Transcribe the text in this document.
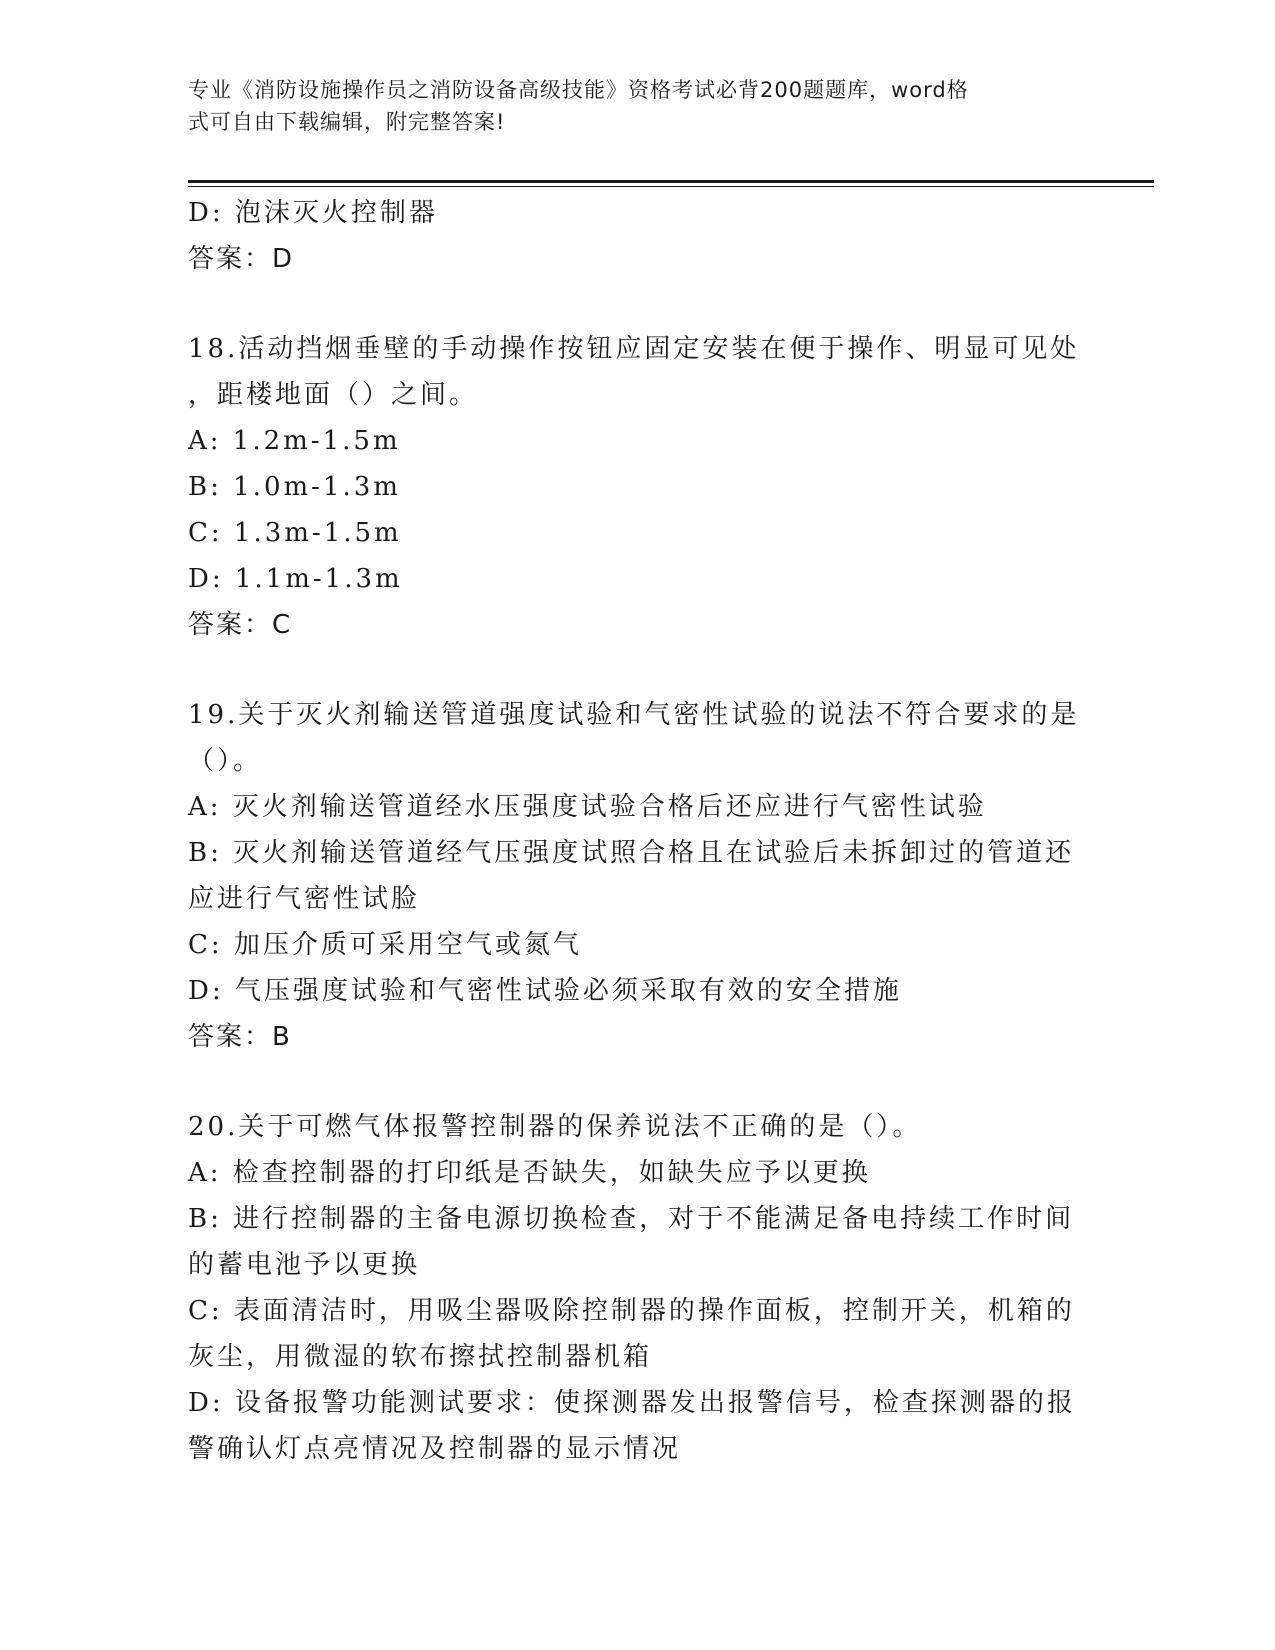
专业《消防设施操作员之消防设备高级技能》资格考试必背200题题库，word格
式可自由下载编辑，附完整答案!
D: 泡沫灭火控制器
答案：D
18.活动挡烟垂壁的手动操作按钮应固定安装在便于操作、明显可见处
，距楼地面（）之间。
A: 1.2m-1.5m
B: 1.0m-1.3m
C: 1.3m-1.5m
D: 1.1m-1.3m
答案：C
19.关于灭火剂输送管道强度试验和气密性试验的说法不符合要求的是
（）。
A: 灭火剂输送管道经水压强度试验合格后还应进行气密性试验
B: 灭火剂输送管道经气压强度试照合格且在试验后未拆卸过的管道还
应进行气密性试脸
C: 加压介质可采用空气或氮气
D: 气压强度试验和气密性试验必须采取有效的安全措施
答案：B
20.关于可燃气体报警控制器的保养说法不正确的是（）。
A: 检查控制器的打印纸是否缺失，如缺失应予以更换
B: 进行控制器的主备电源切换检查，对于不能满足备电持续工作时间
的蓄电池予以更换
C: 表面清洁时，用吸尘器吸除控制器的操作面板，控制开关，机箱的
灰尘，用微湿的软布擦拭控制器机箱
D: 设备报警功能测试要求：使探测器发出报警信号，检查探测器的报
警确认灯点亮情况及控制器的显示情况
